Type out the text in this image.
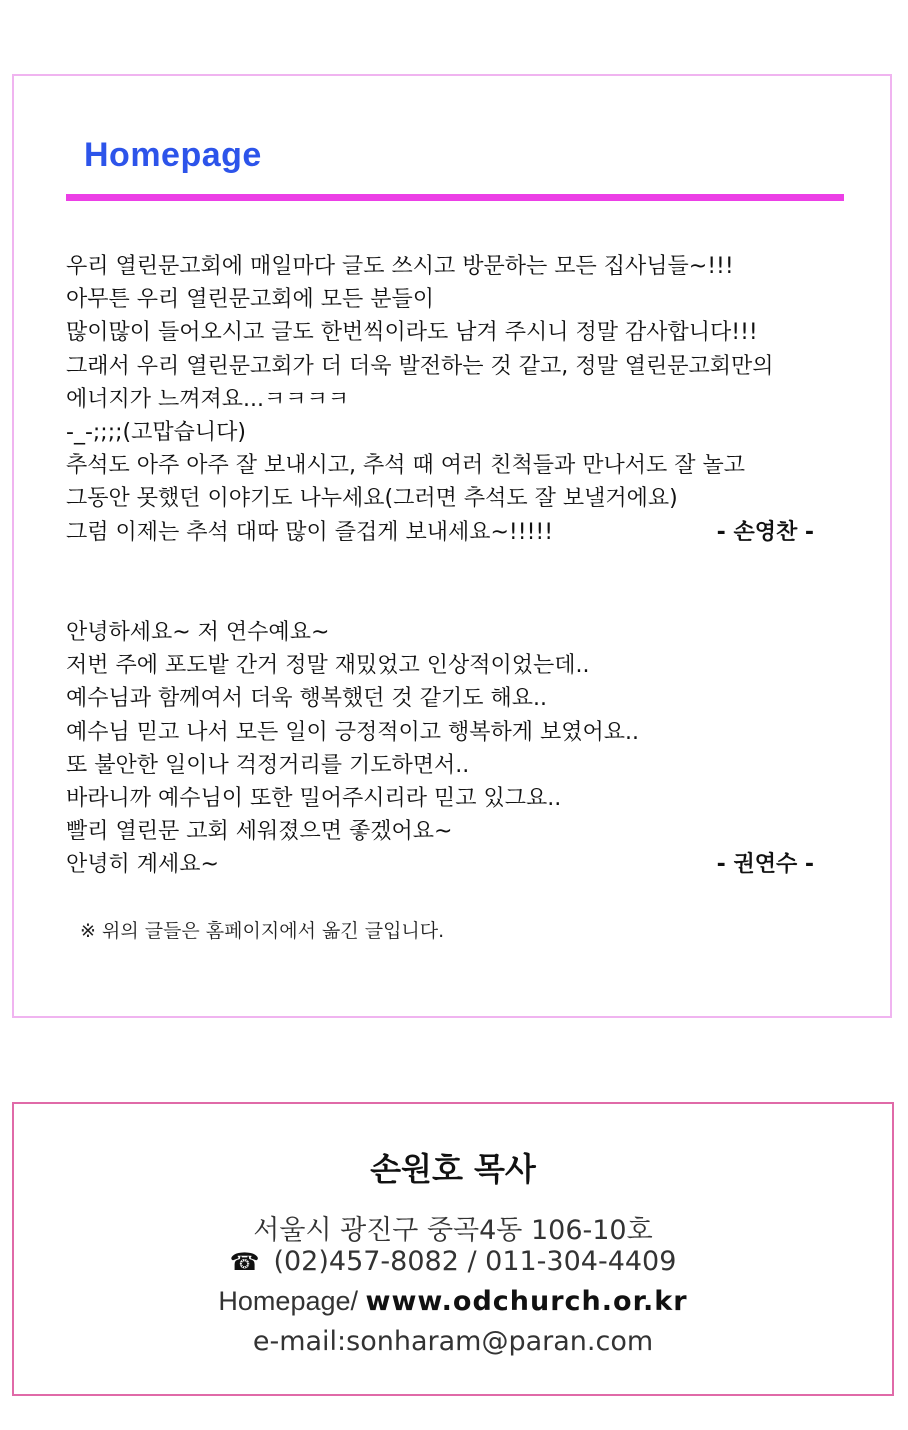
Homepage
우리 열린문고회에 매일마다 글도 쓰시고 방문하는 모든 집사님들~!!!
아무튼 우리 열린문고회에 모든 분들이
많이많이 들어오시고 글도 한번씩이라도 남겨 주시니 정말 감사합니다!!!
그래서 우리 열린문고회가 더 더욱 발전하는 것 같고, 정말 열린문고회만의
에너지가 느껴져요...ㅋㅋㅋㅋ
-_-;;;;(고맙습니다)
추석도 아주 아주 잘 보내시고, 추석 때 여러 친척들과 만나서도 잘 놀고
그동안 못했던 이야기도 나누세요(그러면 추석도 잘 보낼거에요)
그럼 이제는 추석 대따 많이 즐겁게 보내세요~!!!!!	- 손영찬 -
안녕하세요~ 저 연수예요~
저번 주에 포도밭 간거 정말 재밌었고 인상적이었는데..
예수님과 함께여서 더욱 행복했던 것 같기도 해요..
예수님 믿고 나서 모든 일이 긍정적이고 행복하게 보였어요..
또 불안한 일이나 걱정거리를 기도하면서..
바라니까 예수님이 또한 밀어주시리라 믿고 있그요..
빨리 열린문 고회 세워졌으면 좋겠어요~
안녕히 계세요~	- 권연수 -
※ 위의 글들은 홈페이지에서 옮긴 글입니다.
손원호 목사
서울시 광진구 중곡4동 106-10호
☎ (02)457-8082 / 011-304-4409
Homepage/ www.odchurch.or.kr
e-mail:sonharam@paran.com
